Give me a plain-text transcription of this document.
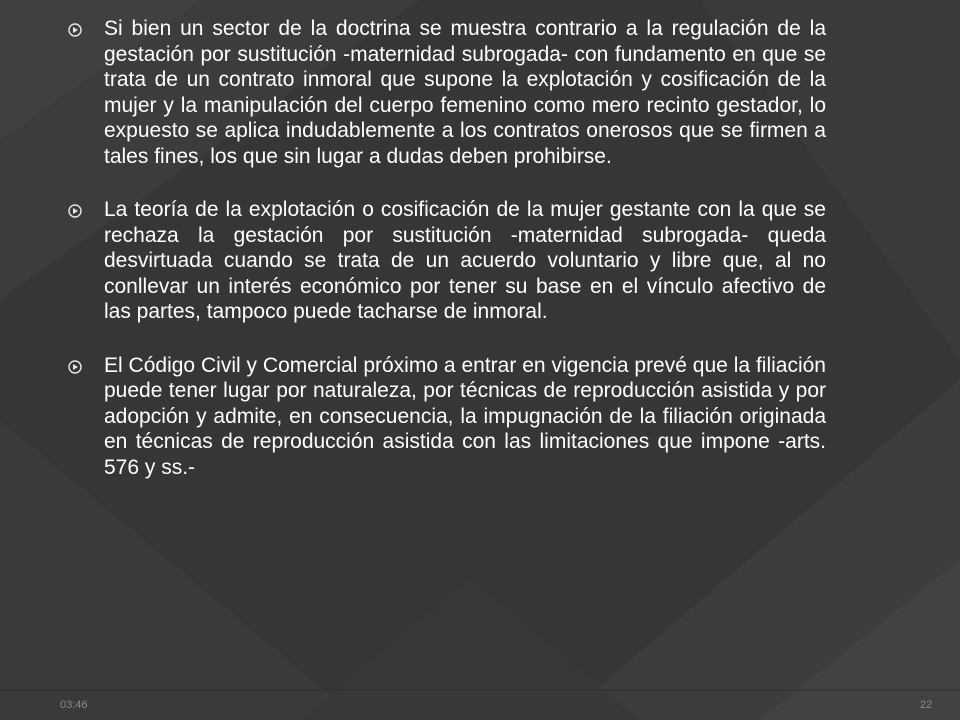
Si bien un sector de la doctrina se muestra contrario a la regulación de la gestación por sustitución -maternidad subrogada- con fundamento en que se trata de un contrato inmoral que supone la explotación y cosificación de la mujer y la manipulación del cuerpo femenino como mero recinto gestador, lo expuesto se aplica indudablemente a los contratos onerosos que se firmen a tales fines, los que sin lugar a dudas deben prohibirse.

La teoría de la explotación o cosificación de la mujer gestante con la que se rechaza la gestación por sustitución -maternidad subrogada- queda desvirtuada cuando se trata de un acuerdo voluntario y libre que, al no conllevar un interés económico por tener su base en el vínculo afectivo de las partes, tampoco puede tacharse de inmoral.

El Código Civil y Comercial próximo a entrar en vigencia prevé que la filiación puede tener lugar por naturaleza, por técnicas de reproducción asistida y por adopción y admite, en consecuencia, la impugnación de la filiación originada en técnicas de reproducción asistida con las limitaciones que impone -arts. 576 y ss.-

03:46	22
